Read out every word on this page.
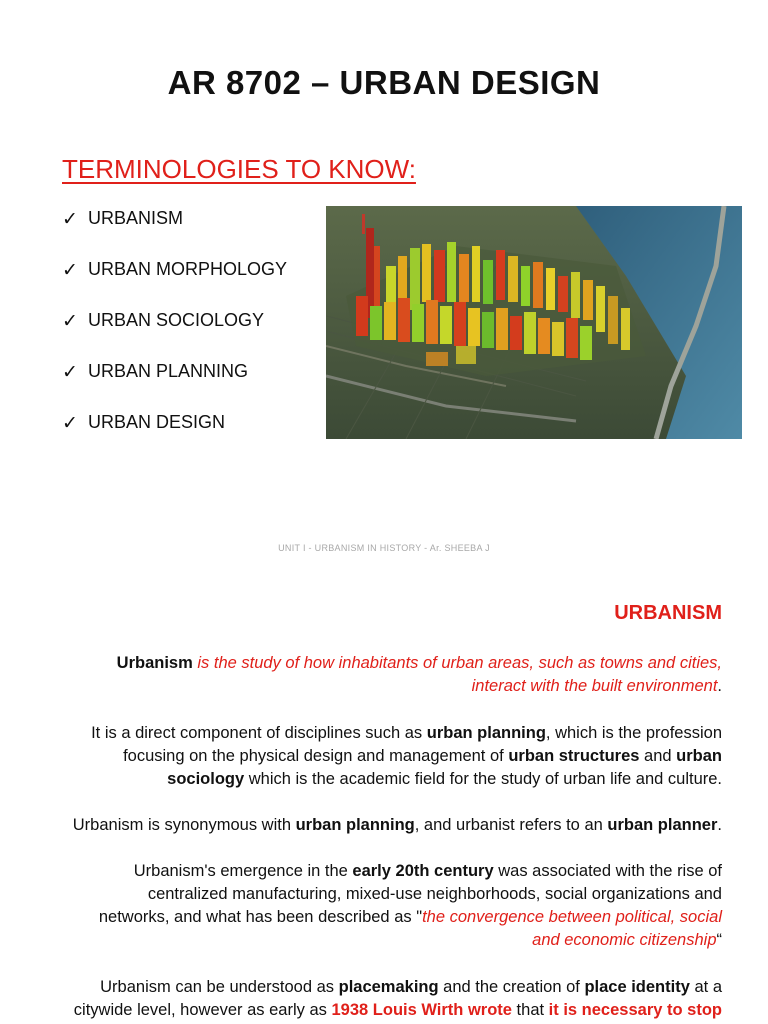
AR 8702 – URBAN DESIGN
TERMINOLOGIES TO KNOW:
✓ URBANISM
✓ URBAN MORPHOLOGY
✓ URBAN SOCIOLOGY
✓ URBAN PLANNING
✓ URBAN DESIGN
UNIT I - URBANISM IN HISTORY - Ar. SHEEBA J
URBANISM
Urbanism is the study of how inhabitants of urban areas, such as towns and cities,
interact with the built environment.
It is a direct component of disciplines such as urban planning, which is the profession
focusing on the physical design and management of urban structures and urban
sociology which is the academic field for the study of urban life and culture.
Urbanism is synonymous with urban planning, and urbanist refers to an urban planner.
Urbanism's emergence in the early 20th century was associated with the rise of
centralized manufacturing, mixed-use neighborhoods, social organizations and
networks, and what has been described as "the convergence between political, social
and economic citizenship“
Urbanism can be understood as placemaking and the creation of place identity at a
citywide level, however as early as 1938 Louis Wirth wrote that it is necessary to stop
